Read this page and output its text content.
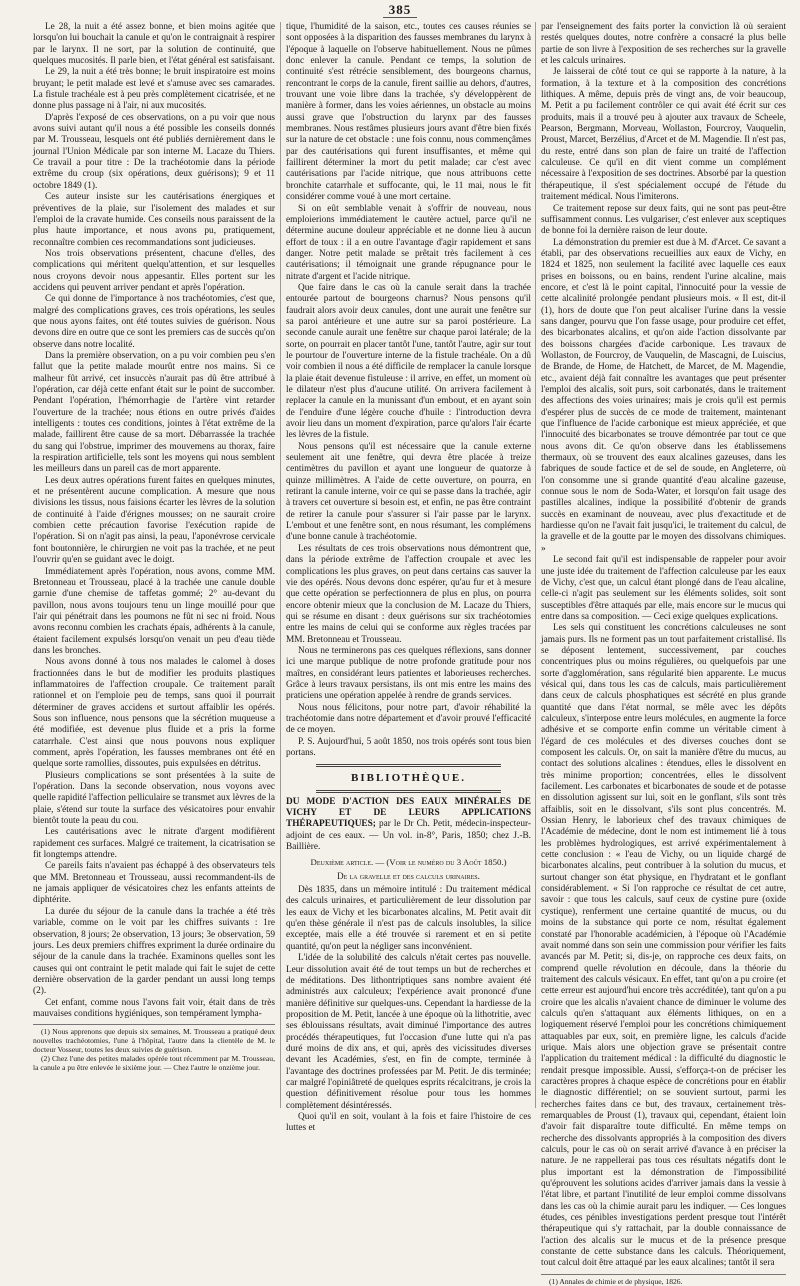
385

Le 28, la nuit a été assez bonne, et bien moins agitée que lorsqu'on lui bouchait la canule et qu'on le contraignait à respirer par le larynx. Il ne sort, par la solution de continuité, que quelques mucosités. Il parle bien, et l'état général est satisfaisant.

Le 29, la nuit a été très bonne; le bruit inspiratoire est moins bruyant; le petit malade est levé et s'amuse avec ses camarades. La fistule trachéale est à peu près complètement cicatrisée, et ne donne plus passage ni à l'air, ni aux mucosités.

D'après l'exposé de ces observations, on a pu voir que nous avons suivi autant qu'il nous a été possible les conseils donnés par M. Trousseau, lesquels ont été publiés dernièrement dans le journal l'Union Médicale par son interne M. Lacaze du Thiers. Ce travail a pour titre : De la trachéotomie dans la période extrême du croup (six opérations, deux guérisons); 9 et 11 octobre 1849 (1).

Ces auteur insiste sur les cautérisations énergiques et préventives de la plaie, sur l'isolement des malades et sur l'emploi de la cravate humide. Ces conseils nous paraissent de la plus haute importance, et nous avons pu, pratiquement, reconnaître combien ces recommandations sont judicieuses.

Nos trois observations présentent, chacune d'elles, des complications qui méritent quelqu'attention, et sur lesquelles nous croyons devoir nous appesantir. Elles portent sur les accidens qui peuvent arriver pendant et après l'opération.

Ce qui donne de l'importance à nos trachéotomies, c'est que, malgré des complications graves, ces trois opérations, les seules que nous ayons faites, ont été toutes suivies de guérison. Nous devons dire en outre que ce sont les premiers cas de succès qu'on observe dans notre localité.

Dans la première observation, on a pu voir combien peu s'en fallut que la petite malade mourût entre nos mains. Si ce malheur fût arrivé, cet insuccès n'aurait pas dû être attribué à l'opération, car déjà cette enfant était sur le point de succomber. Pendant l'opération, l'hémorrhagie de l'artère vint retarder l'ouverture de la trachée; nous étions en outre privés d'aides intelligents : toutes ces conditions, jointes à l'état extrême de la malade, faillirent être cause de sa mort. Débarrassée la trachée du sang qui l'obstrue, imprimer des mouvemens au thorax, faire la respiration artificielle, tels sont les moyens qui nous semblent les meilleurs dans un pareil cas de mort apparente.

Les deux autres opérations furent faites en quelques minutes, et ne présentèrent aucune complication. A mesure que nous divisions les tissus, nous faisions écarter les lèvres de la solution de continuité à l'aide d'érignes mousses; on ne saurait croire combien cette précaution favorise l'exécution rapide de l'opération. Si on n'agit pas ainsi, la peau, l'aponévrose cervicale font boutonnière, le chirurgien ne voit pas la trachée, et ne peut l'ouvrir qu'en se guidant avec le doigt.

Immédiatement après l'opération, nous avons, comme MM. Bretonneau et Trousseau, placé à la trachée une canule double garnie d'une chemise de taffetas gommé; 2° au-devant du pavillon, nous avons toujours tenu un linge mouillé pour que l'air qui pénétrait dans les poumons ne fût ni sec ni froid. Nous avons reconnu combien les crachats épais, adhérents à la canule, étaient facilement expulsés lorsqu'on venait un peu d'eau tiède dans les bronches.

Nous avons donné à tous nos malades le calomel à doses fractionnées dans le but de modifier les produits plastiques inflammatoires de l'affection croupale. Ce traitement paraît rationnel et on l'emploie peu de temps, sans quoi il pourrait déterminer de graves accidens et surtout affaiblir les opérés. Sous son influence, nous pensons que la sécrétion muqueuse a été modifiée, est devenue plus fluide et a pris la forme catarrhale. C'est ainsi que nous pouvons nous expliquer comment, après l'opération, les fausses membranes ont été en quelque sorte ramollies, dissoutes, puis expulsées en détritus.

Plusieurs complications se sont présentées à la suite de l'opération. Dans la seconde observation, nous voyons avec quelle rapidité l'affection pelliculaire se transmet aux lèvres de la plaie, s'étend sur toute la surface des vésicatoires pour envahir bientôt toute la peau du cou.

Les cautérisations avec le nitrate d'argent modifièrent rapidement ces surfaces. Malgré ce traitement, la cicatrisation se fit longtemps attendre.

Ce pareils faits n'avaient pas échappé à des observateurs tels que MM. Bretonneau et Trousseau, aussi recommandent-ils de ne jamais appliquer de vésicatoires chez les enfants atteints de diphtérite.

La durée du séjour de la canule dans la trachée a été très variable, comme on le voit par les chiffres suivants : 1re observation, 8 jours; 2e observation, 13 jours; 3e observation, 59 jours. Les deux premiers chiffres expriment la durée ordinaire du séjour de la canule dans la trachée. Examinons quelles sont les causes qui ont contraint le petit malade qui fait le sujet de cette dernière observation de la garder pendant un aussi long temps (2).

Cet enfant, comme nous l'avons fait voir, était dans de très mauvaises conditions hygiéniques, son tempérament lympha-

(1) Nous apprenons que depuis six semaines, M. Trousseau a pratiqué deux nouvelles trachéotomies, l'une à l'hôpital, l'autre dans la clientèle de M. le docteur Vosseur, toutes les deux suivies de guérison.

(2) Chez l'une des petites malades opérée tout récemment par M. Trousseau, la canule a pu être enlevée le sixième jour. — Chez l'autre le onzième jour.

tique, l'humidité de la saison, etc., toutes ces causes réunies se sont opposées à la disparition des fausses membranes du larynx à l'époque à laquelle on l'observe habituellement. Nous ne pûmes donc enlever la canule. Pendant ce temps, la solution de continuité s'est rétrécie sensiblement, des bourgeons charnus, rencontrant le corps de la canule, firent saillie au dehors, d'autres, trouvant une voie libre dans la trachée, s'y développèrent de manière à former, dans les voies aériennes, un obstacle au moins aussi grave que l'obstruction du larynx par des fausses membranes. Nous restâmes plusieurs jours avant d'être bien fixés sur la nature de cet obstacle : une fois connu, nous commençâmes par des cautérisations qui furent insuffisantes, et même qui faillirent déterminer la mort du petit malade; car c'est avec cautérisations par l'acide nitrique, que nous attribuons cette bronchite catarrhale et suffocante, qui, le 11 mai, nous le fit considérer comme voué à une mort certaine.

Si on eût semblable venait à s'offrir de nouveau, nous emploierions immédiatement le cautère actuel, parce qu'il ne détermine aucune douleur appréciable et ne donne lieu à aucun effort de toux : il a en outre l'avantage d'agir rapidement et sans danger. Notre petit malade se prêtait très facilement à ces cautérisations; il témoignait une grande répugnance pour le nitrate d'argent et l'acide nitrique.

Que faire dans le cas où la canule serait dans la trachée entourée partout de bourgeons charnus? Nous pensons qu'il faudrait alors avoir deux canules, dont une aurait une fenêtre sur sa paroi antérieure et une autre sur sa paroi postérieure. La seconde canule aurait une fenêtre sur chaque paroi latérale; de la sorte, on pourrait en placer tantôt l'une, tantôt l'autre, agir sur tout le pourtour de l'ouverture interne de la fistule trachéale. On a dû voir combien il nous a été difficile de remplacer la canule lorsque la plaie était devenue fistuleuse : il arrive, en effet, un moment où le dilateur n'est plus d'aucune utilité. On arrivera facilement à replacer la canule en la munissant d'un embout, et en ayant soin de l'enduire d'une légère couche d'huile : l'introduction devra avoir lieu dans un moment d'expiration, parce qu'alors l'air écarte les lèvres de la fistule.

Nous pensons qu'il est nécessaire que la canule externe seulement ait une fenêtre, qui devra être placée à treize centimètres du pavillon et ayant une longueur de quatorze à quinze millimètres. A l'aide de cette ouverture, on pourra, en retirant la canule interne, voir ce qui se passe dans la trachée, agir à travers cet ouverture si besoin est, et enfin, ne pas être contraint de retirer la canule pour s'assurer si l'air passe par le larynx. L'embout et une fenêtre sont, en nous résumant, les complémens d'une bonne canule à trachéotomie.

Les résultats de ces trois observations nous démontrent que, dans la période extrême de l'affection croupale et avec les complications les plus graves, on peut dans certains cas sauver la vie des opérés. Nous devons donc espérer, qu'au fur et à mesure que cette opération se perfectionnera de plus en plus, on pourra encore obtenir mieux que la conclusion de M. Lacaze du Thiers, qui se résume en disant : deux guérisons sur six trachéotomies entre les mains de celui qui se conforme aux règles tracées par MM. Bretonneau et Trousseau.

Nous ne terminerons pas ces quelques réflexions, sans donner ici une marque publique de notre profonde gratitude pour nos maîtres, en considérant leurs patientes et laborieuses recherches. Grâce à leurs travaux persistans, ils ont mis entre les mains des praticiens une opération appelée à rendre de grands services.

Nous nous félicitons, pour notre part, d'avoir réhabilité la trachéotomie dans notre département et d'avoir prouvé l'efficacité de ce moyen.

P. S. Aujourd'hui, 5 août 1850, nos trois opérés sont tous bien portans.

BIBLIOTHÈQUE.

DU MODE D'ACTION DES EAUX MINÉRALES DE VICHY ET DE LEURS APPLICATIONS THÉRAPEUTIQUES; par le Dr Ch. Petit, médecin-inspecteur-adjoint de ces eaux. — Un vol. in-8°, Paris, 1850; chez J.-B. Baillière.

Deuxième article. — (Voir le numéro du 3 Août 1850.)

De la gravelle et des calculs urinaires.

Dès 1835, dans un mémoire intitulé : Du traitement médical des calculs urinaires, et particulièrement de leur dissolution par les eaux de Vichy et les bicarbonates alcalins, M. Petit avait dit qu'en thèse générale il n'est pas de calculs insolubles, la silice exceptée, mais elle a été trouvée si rarement et en si petite quantité, qu'on peut la négliger sans inconvénient.

L'idée de la solubilité des calculs n'était certes pas nouvelle. Leur dissolution avait été de tout temps un but de recherches et de méditations. Des lithontriptiques sans nombre avaient été administrés aux calculeux; l'expérience avait prononcé d'une manière définitive sur quelques-uns. Cependant la hardiesse de la proposition de M. Petit, lancée à une époque où la lithotritie, avec ses éblouissans résultats, avait diminué l'importance des autres procédés thérapeutiques, fut l'occasion d'une lutte qui n'a pas duré moins de dix ans, et qui, après des vicissitudes diverses devant les Académies, s'est, en fin de compte, terminée à l'avantage des doctrines professées par M. Petit. Je dis terminée; car malgré l'opiniâtreté de quelques esprits récalcitrans, je crois la question définitivement résolue pour tous les hommes complètement désintéressés.

Quoi qu'il en soit, voulant à la fois et faire l'histoire de ces luttes et

par l'enseignement des faits porter la conviction là où seraient restés quelques doutes, notre confrère a consacré la plus belle partie de son livre à l'exposition de ses recherches sur la gravelle et les calculs urinaires.

Je laisserai de côté tout ce qui se rapporte à la nature, à la formation, à la texture et à la composition des concrétions lithiques. A même, depuis près de vingt ans, de voir beaucoup, M. Petit a pu facilement contrôler ce qui avait été écrit sur ces produits, mais il a trouvé peu à ajouter aux travaux de Scheele, Pearson, Bergmann, Morveau, Wollaston, Fourcroy, Vauquelin, Proust, Marcet, Berzélius, d'Arcet et de M. Magendie. Il n'est pas, du reste, entré dans son plan de faire un traité de l'affection calculeuse. Ce qu'il en dit vient comme un complément nécessaire à l'exposition de ses doctrines. Absorbé par la question thérapeutique, il s'est spécialement occupé de l'étude du traitement médical. Nous l'imiterons.

Ce traitement repose sur deux faits, qui ne sont pas peut-être suffisamment connus. Les vulgariser, c'est enlever aux sceptiques de bonne foi la dernière raison de leur doute.

La démonstration du premier est due à M. d'Arcet. Ce savant a établi, par des observations recueillies aux eaux de Vichy, en 1824 et 1825, non seulement la facilité avec laquelle ces eaux prises en boissons, ou en bains, rendent l'urine alcaline, mais encore, et c'est là le point capital, l'innocuité pour la vessie de cette alcalinité prolongée pendant plusieurs mois. « Il est, dit-il (1), hors de doute que l'on peut alcaliser l'urine dans la vessie sans danger, pourvu que l'on fasse usage, pour produire cet effet, des bicarbonates alcalins, et qu'on aide l'action dissolvante par des boissons chargées d'acide carbonique. Les travaux de Wollaston, de Fourcroy, de Vauquelin, de Mascagni, de Luiscius, de Brande, de Home, de Hatchett, de Marcet, de M. Magendie, etc., avaient déjà fait connaître les avantages que peut présenter l'emploi des alcalis, soit purs, soit carbonatés, dans le traitement des affections des voies urinaires; mais je crois qu'il est permis d'espérer plus de succès de ce mode de traitement, maintenant que l'influence de l'acide carbonique est mieux appréciée, et que l'innocuité des bicarbonates se trouve démontrée par tout ce que nous avons dit. Ce qu'on observe dans les établissemens thermaux, où se trouvent des eaux alcalines gazeuses, dans les fabriques de soude factice et de sel de soude, en Angleterre, où l'on consomme une si grande quantité d'eau alcaline gazeuse, connue sous le nom de Soda-Water, et lorsqu'on fait usage des pastilles alcalines, indique la possibilité d'obtenir de grands succès en examinant de nouveau, avec plus d'exactitude et de hardiesse qu'on ne l'avait fait jusqu'ici, le traitement du calcul, de la gravelle et de la goutte par le moyen des dissolvans chimiques. »

Le second fait qu'il est indispensable de rappeler pour avoir une juste idée du traitement de l'affection calculeuse par les eaux de Vichy, c'est que, un calcul étant plongé dans de l'eau alcaline, celle-ci n'agit pas seulement sur les éléments solides, soit sont susceptibles d'être attaqués par elle, mais encore sur le mucus qui entre dans sa composition. — Ceci exige quelques explications.

Les sels qui constituent les concrétions calculeuses ne sont jamais purs. Ils ne forment pas un tout parfaitement cristallisé. Ils se déposent lentement, successivement, par couches concentriques plus ou moins régulières, ou quelquefois par une sorte d'agglomération, sans régularité bien apparente. Le mucus vésical qui, dans tous les cas de calculs, mais particulièrement dans ceux de calculs phosphatiques est sécrété en plus grande quantité que dans l'état normal, se mêle avec les dépôts calculeux, s'interpose entre leurs molécules, en augmente la force adhésive et se comporte enfin comme un véritable ciment à l'égard de ces molécules et des diverses couches dont se composent les calculs. Or, on sait la manière d'être du mucus, au contact des solutions alcalines : étendues, elles le dissolvent en très minime proportion; concentrées, elles le dissolvent facilement. Les carbonates et bicarbonates de soude et de potasse en dissolution agissent sur lui, soit en le gonflant, s'ils sont très affaiblis, soit en le dissolvant, s'ils sont plus concentrés. M. Ossian Henry, le laborieux chef des travaux chimiques de l'Académie de médecine, dont le nom est intimement lié à tous les problèmes hydrologiques, est arrivé expérimentalement à cette conclusion : « l'eau de Vichy, ou un liquide chargé de bicarbonates alcalins, peut contribuer à la solution du mucus, et surtout changer son état physique, en l'hydratant et le gonflant considérablement. « Si l'on rapproche ce résultat de cet autre, savoir : que tous les calculs, sauf ceux de cystine pure (oxide cystique), renferment une certaine quantité de mucus, ou du moins de la substance qui porte ce nom, résultat également constaté par l'honorable académicien, à l'époque où l'Académie avait nommé dans son sein une commission pour vérifier les faits avancés par M. Petit; si, dis-je, on rapproche ces deux faits, on comprend quelle révolution en découle, dans la théorie du traitement des calculs vésicaux. En effet, tant qu'on a pu croire (et cette erreur est aujourd'hui encore très accréditée), tant qu'on a pu croire que les alcalis n'avaient chance de diminuer le volume des calculs qu'en s'attaquant aux éléments lithiques, on en a logiquement réservé l'emploi pour les concrétions chimiquement attaquables par eux, soit, en première ligne, les calculs d'acide urique. Mais alors une objection grave se présentait contre l'application du traitement médical : la difficulté du diagnostic le rendait presque impossible. Aussi, s'efforça-t-on de préciser les caractères propres à chaque espèce de concrétions pour en établir le diagnostic différentiel; on se souvient surtout, parmi les recherches faites dans ce but, des travaux, certainement très-remarquables de Proust (1), travaux qui, cependant, étaient loin d'avoir fait disparaître toute difficulté. En même temps on recherche des dissolvants appropriés à la composition des divers calculs, pour le cas où on serait arrivé d'avance à en préciser la nature. Je ne rappellerai pas tous ces résultats négatifs dont le plus important est la démonstration de l'impossibilité qu'éprouvent les solutions acides d'arriver jamais dans la vessie à l'état libre, et partant l'inutilité de leur emploi comme dissolvans dans les cas où la chimie aurait paru les indiquer. — Ces longues études, ces pénibles investigations perdent presque tout l'intérêt thérapeutique qui s'y rattachait, par la double connaissance de l'action des alcalis sur le mucus et de la présence presque constante de cette substance dans les calculs. Théoriquement, tout calcul doit être attaqué par les eaux alcalines; tantôt il sera

(1) Annales de chimie et de physique, 1826.
